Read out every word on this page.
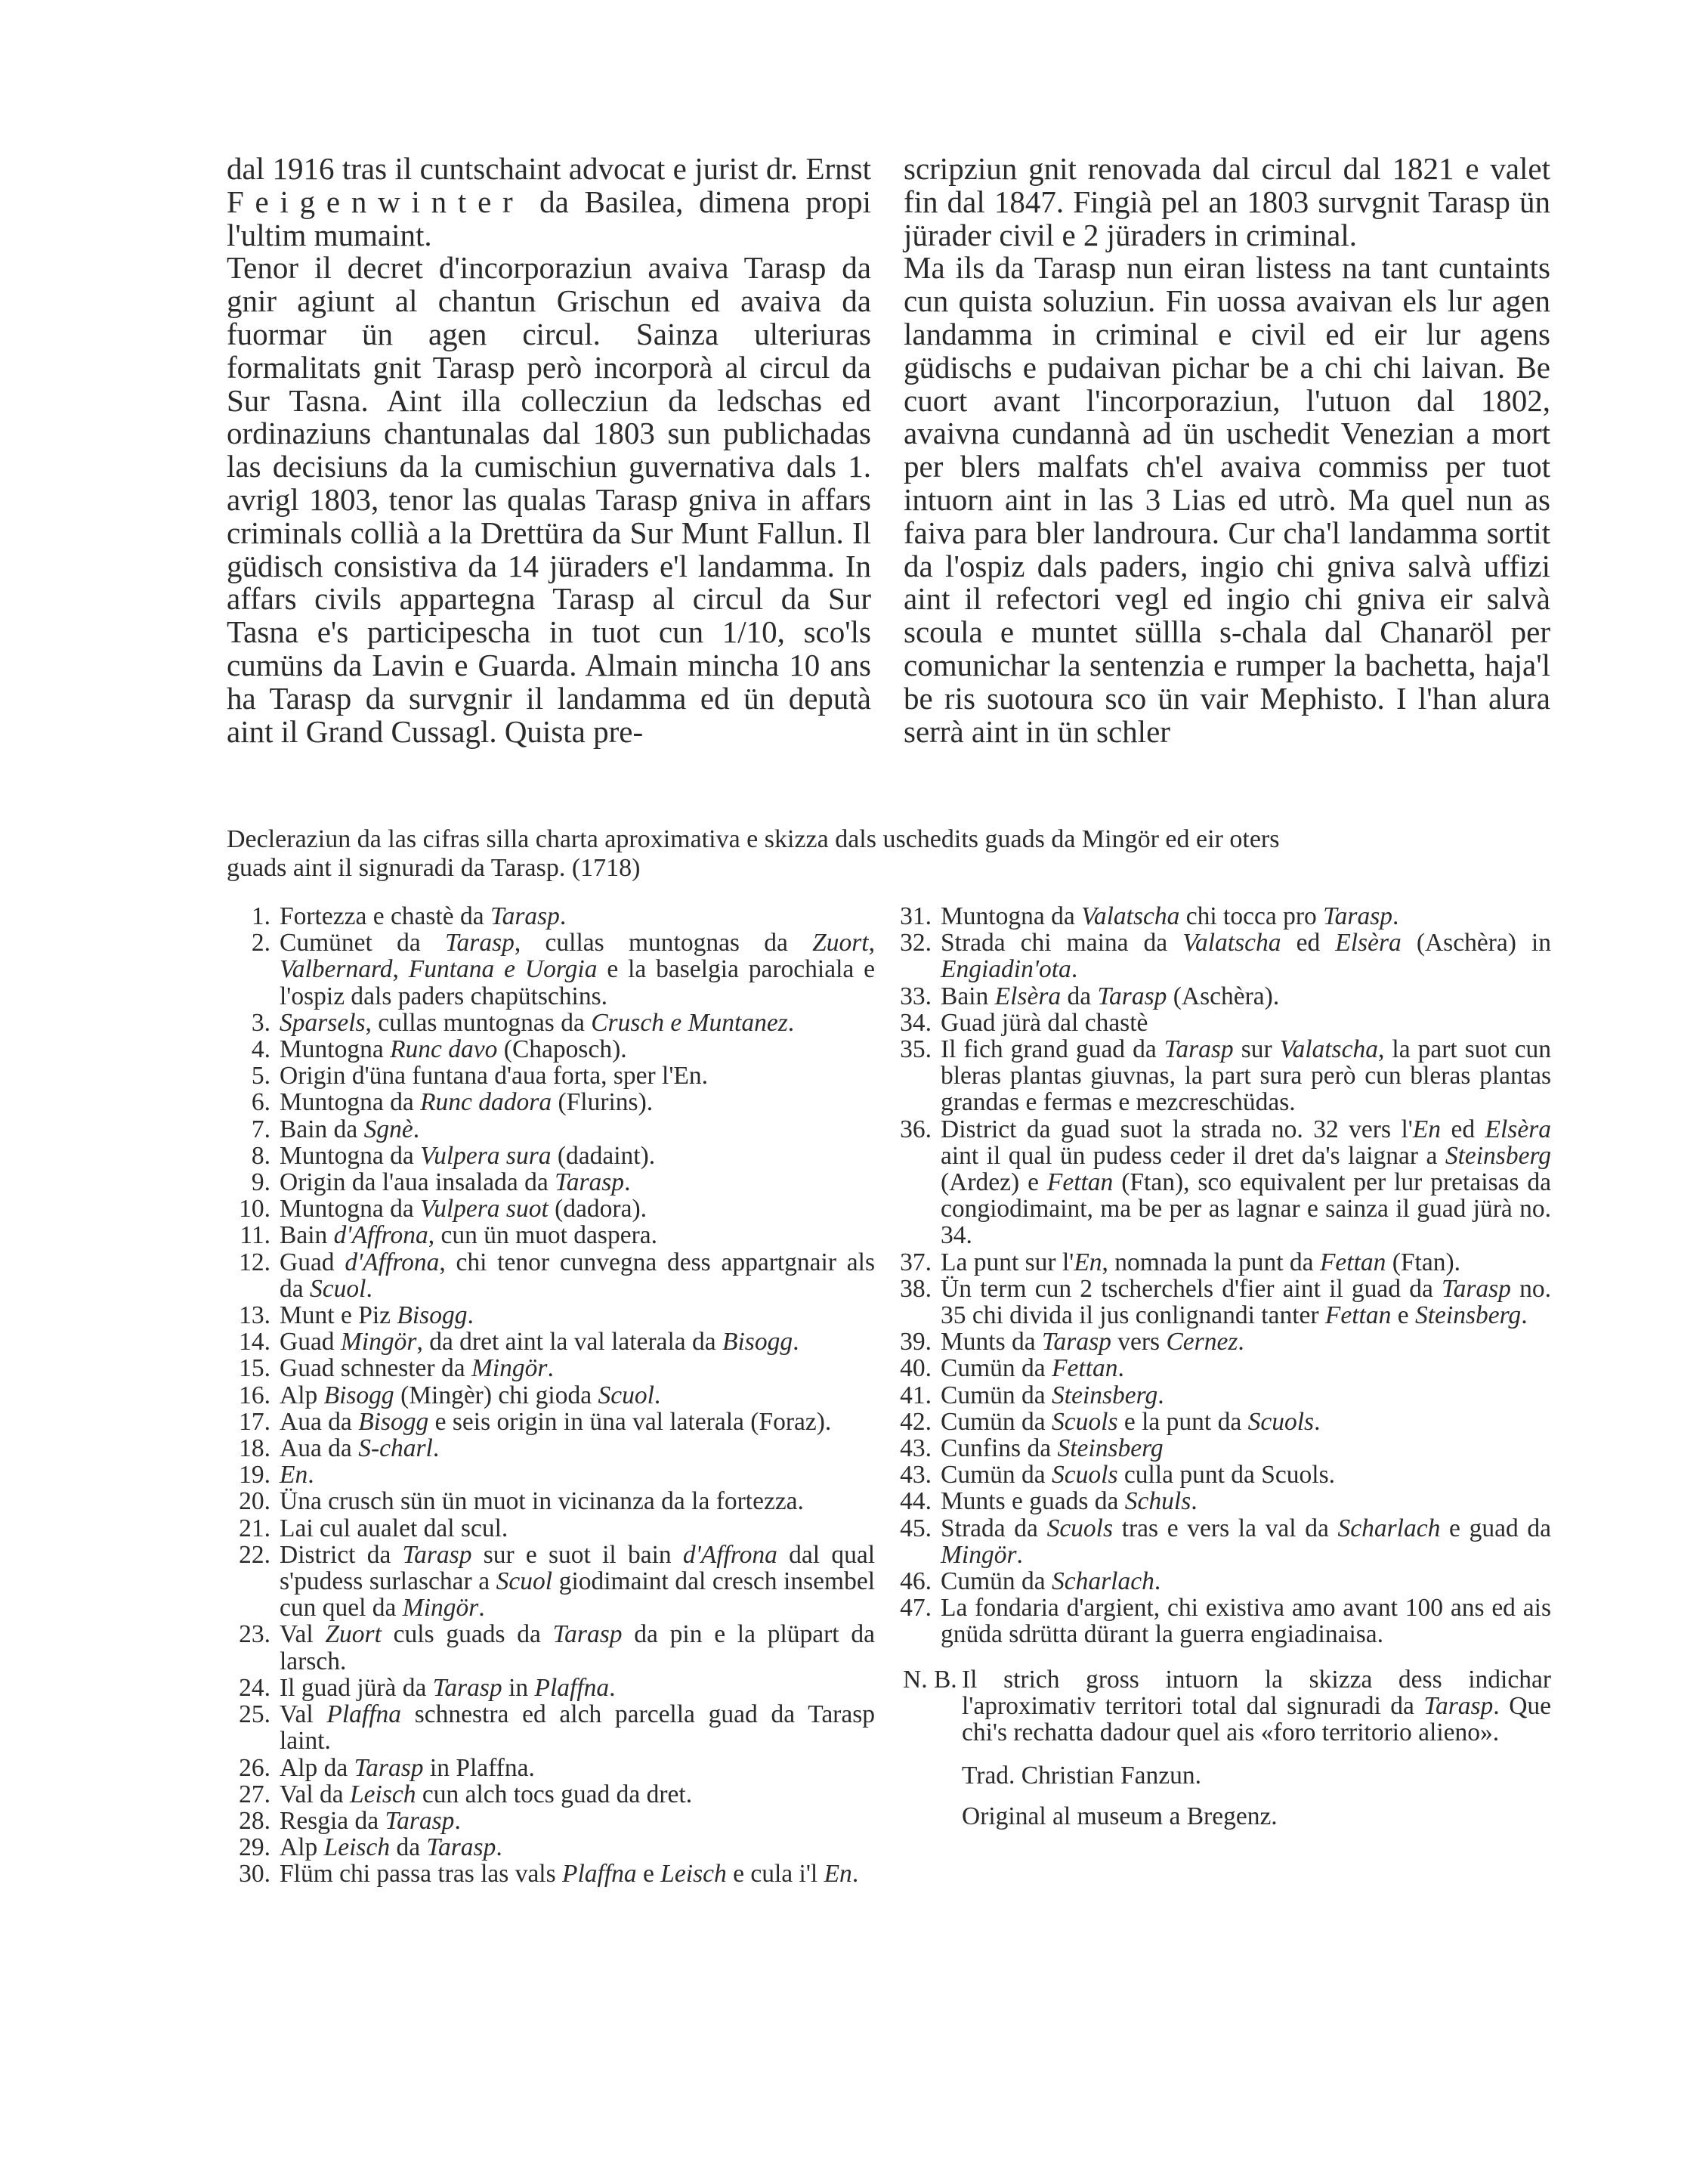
dal 1916 tras il cuntschaint advocat e jurist dr. Ernst Feigenwinter da Basilea, dimena propi l'ultim mumaint.

Tenor il decret d'incorporaziun avaiva Tarasp da gnir agiunt al chantun Grischun ed avaiva da fuormar ün agen circul. Sainza ulteriuras formalitats gnit Tarasp però incorporà al circul da Sur Tasna. Aint illa collecziun da ledschas ed ordinaziuns chantunalas dal 1803 sun publichadas las decisiuns da la cumischiun guvernativa dals 1. avrigl 1803, tenor las qualas Tarasp gniva in affars criminals collià a la Drettüra da Sur Munt Fallun. Il güdisch consistiva da 14 jüraders e'l landamma. In affars civils appartegna Tarasp al circul da Sur Tasna e's participescha in tuot cun 1/10, sco'ls cumüns da Lavin e Guarda. Almain mincha 10 ans ha Tarasp da survgnir il landamma ed ün deputà aint il Grand Cussagl. Quista pre-

scripziun gnit renovada dal circul dal 1821 e valet fin dal 1847. Fingià pel an 1803 survgnit Tarasp ün jürader civil e 2 jüraders in criminal.

Ma ils da Tarasp nun eiran listess na tant cuntaints cun quista soluziun. Fin uossa avaivan els lur agen landamma in criminal e civil ed eir lur agens güdischs e pudaivan pichar be a chi chi laivan. Be cuort avant l'incorporaziun, l'utuon dal 1802, avaivna cundannà ad ün uschedit Venezian a mort per blers malfats ch'el avaiva commiss per tuot intuorn aint in las 3 Lias ed utrò. Ma quel nun as faiva para bler landroura. Cur cha'l landamma sortit da l'ospiz dals paders, ingio chi gniva salvà uffizi aint il refectori vegl ed ingio chi gniva eir salvà scoula e muntet süllla s-chala dal Chanaröl per comunichar la sentenzia e rumper la bachetta, haja'l be ris suotoura sco ün vair Mephisto. I l'han alura serrà aint in ün schler

Decleraziun da las cifras silla charta aproximativa e skizza dals uschedits guads da Mingör ed eir oters
guads aint il signuradi da Tarasp. (1718)
1. Fortezza e chastè da Tarasp.
2. Cumünet da Tarasp, cullas muntognas da Zuort, Valbernard, Funtana e Uorgia e la baselgia parochiala e l'ospiz dals paders chapütschins.
3. Sparsels, cullas muntognas da Crusch e Muntanez.
4. Muntogna Runc davo (Chaposch).
5. Origin d'üna funtana d'aua forta, sper l'En.
6. Muntogna da Runc dadora (Flurins).
7. Bain da Sgnè.
8. Muntogna da Vulpera sura (dadaint).
9. Origin da l'aua insalada da Tarasp.
10. Muntogna da Vulpera suot (dadora).
11. Bain d'Affrona, cun ün muot daspera.
12. Guad d'Affrona, chi tenor cunvegna dess appartgnair als da Scuol.
13. Munt e Piz Bisogg.
14. Guad Mingör, da dret aint la val laterala da Bisogg.
15. Guad schnester da Mingör.
16. Alp Bisogg (Mingèr) chi gioda Scuol.
17. Aua da Bisogg e seis origin in üna val laterala (Foraz).
18. Aua da S-charl.
19. En.
20. Üna crusch sün ün muot in vicinanza da la fortezza.
21. Lai cul aualet dal scul.
22. District da Tarasp sur e suot il bain d'Affrona dal qual s'pudess surlaschar a Scuol giodimaint dal cresch insembel cun quel da Mingör.
23. Val Zuort culs guads da Tarasp da pin e la plüpart da larsch.
24. Il guad jürà da Tarasp in Plaffna.
25. Val Plaffna schnestra ed alch parcella guad da Tarasp laint.
26. Alp da Tarasp in Plaffna.
27. Val da Leisch cun alch tocs guad da dret.
28. Resgia da Tarasp.
29. Alp Leisch da Tarasp.
30. Flüm chi passa tras las vals Plaffna e Leisch e cula i'l En.
31. Muntogna da Valatscha chi tocca pro Tarasp.
32. Strada chi maina da Valatscha ed Elsèra (Aschèra) in Engiadin'ota.
33. Bain Elsèra da Tarasp (Aschèra).
34. Guad jürà dal chastè
35. Il fich grand guad da Tarasp sur Valatscha, la part suot cun bleras plantas giuvnas, la part sura però cun bleras plantas grandas e fermas e mezcreschüdas.
36. District da guad suot la strada no. 32 vers l'En ed Elsèra aint il qual ün pudess ceder il dret da's laignar a Steinsberg (Ardez) e Fettan (Ftan), sco equivalent per lur pretaisas da congiodimaint, ma be per as lagnar e sainza il guad jürà no. 34.
37. La punt sur l'En, nomnada la punt da Fettan (Ftan).
38. Ün term cun 2 tscherchels d'fier aint il guad da Tarasp no. 35 chi divida il jus conlignandi tanter Fettan e Steinsberg.
39. Munts da Tarasp vers Cernez.
40. Cumün da Fettan.
41. Cumün da Steinsberg.
42. Cumün da Scuols e la punt da Scuols.
43. Cunfins da Steinsberg
43. Cumün da Scuols culla punt da Scuols.
44. Munts e guads da Schuls.
45. Strada da Scuols tras e vers la val da Scharlach e guad da Mingör.
46. Cumün da Scharlach.
47. La fondaria d'argient, chi existiva amo avant 100 ans ed ais gnüda sdrütta dürant la guerra engiadinaisa.
N. B. Il strich gross intuorn la skizza dess indichar l'aproximativ territori total dal signuradi da Tarasp. Que chi's rechatta dadour quel ais «foro territorio alieno».
Trad. Christian Fanzun.
Original al museum a Bregenz.
